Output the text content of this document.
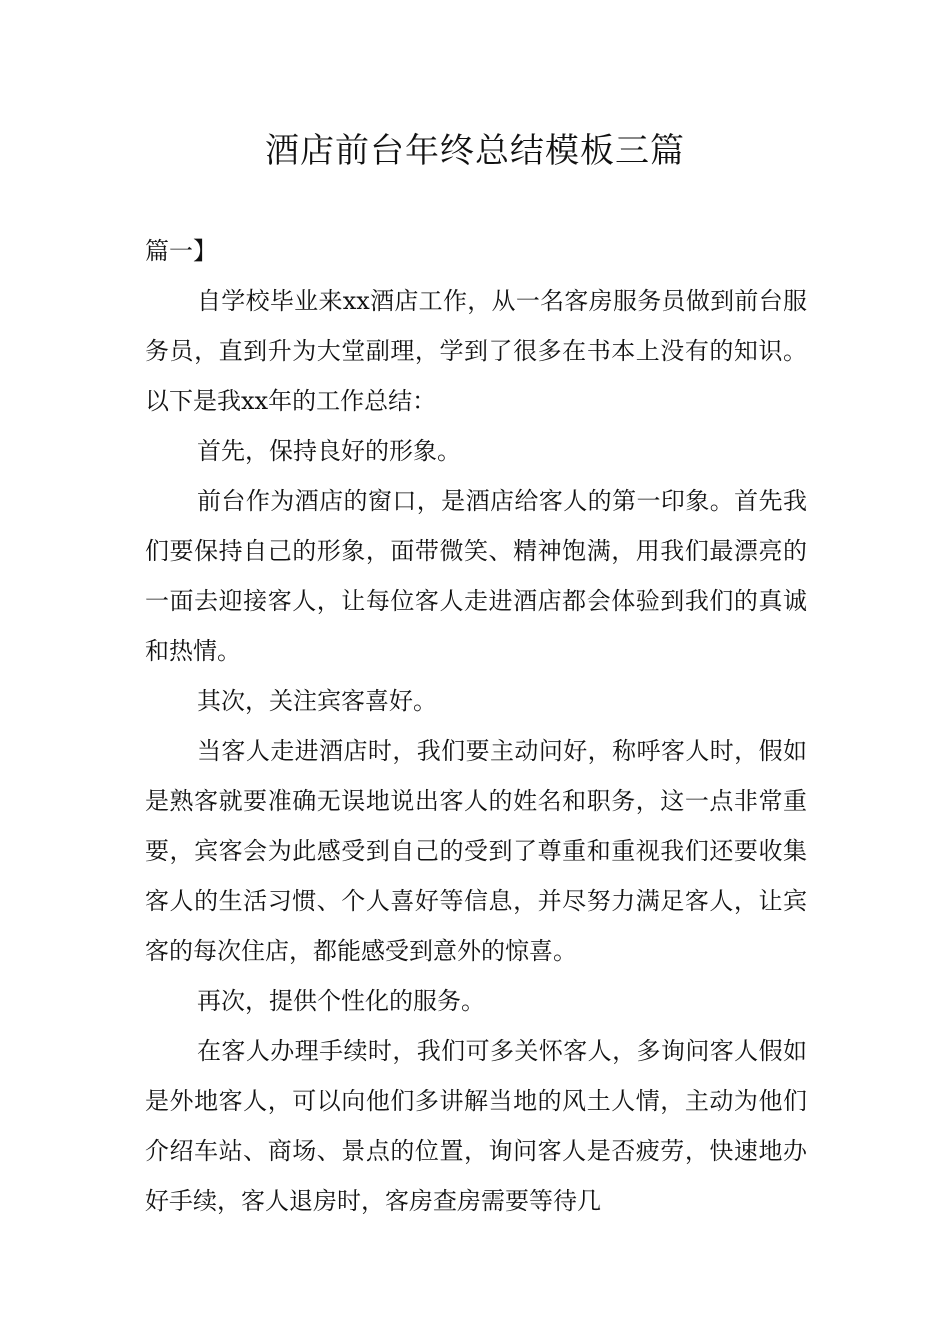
酒店前台年终总结模板三篇

篇一】

自学校毕业来xx酒店工作，从一名客房服务员做到前台服务员，直到升为大堂副理，学到了很多在书本上没有的知识。以下是我xx年的工作总结：

首先，保持良好的形象。

前台作为酒店的窗口，是酒店给客人的第一印象。首先我们要保持自己的形象，面带微笑、精神饱满，用我们最漂亮的一面去迎接客人，让每位客人走进酒店都会体验到我们的真诚和热情。

其次，关注宾客喜好。

当客人走进酒店时，我们要主动问好，称呼客人时，假如是熟客就要准确无误地说出客人的姓名和职务，这一点非常重要，宾客会为此感受到自己的受到了尊重和重视我们还要收集客人的生活习惯、个人喜好等信息，并尽努力满足客人，让宾客的每次住店，都能感受到意外的惊喜。

再次，提供个性化的服务。

在客人办理手续时，我们可多关怀客人，多询问客人假如是外地客人，可以向他们多讲解当地的风土人情，主动为他们介绍车站、商场、景点的位置，询问客人是否疲劳，快速地办好手续，客人退房时，客房查房需要等待几
